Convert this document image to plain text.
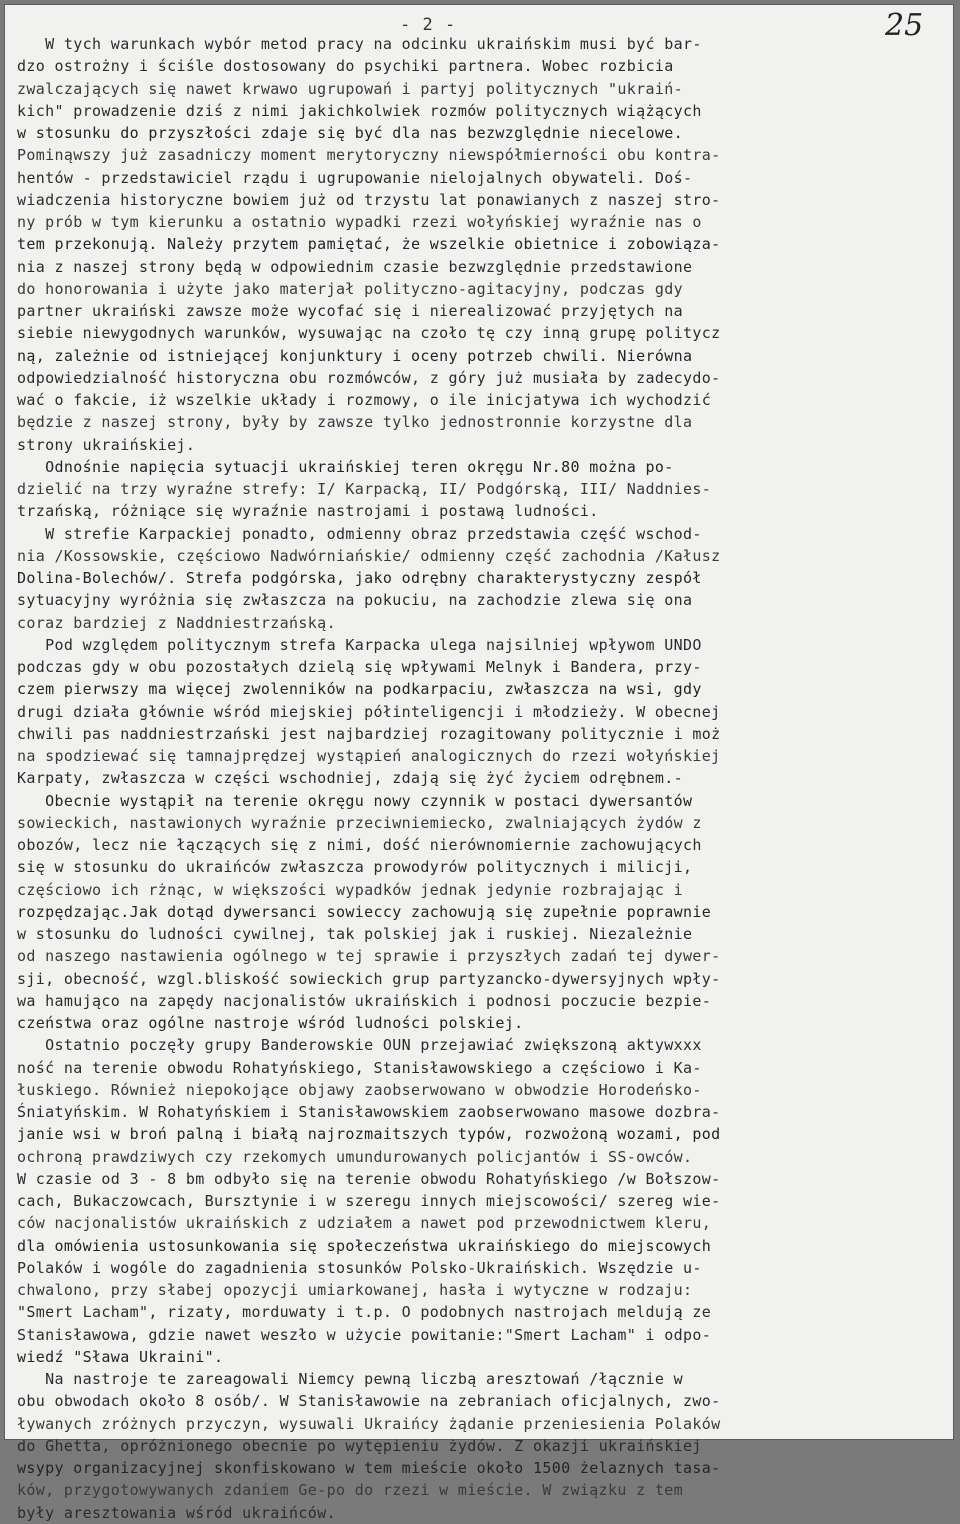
- 2 -	25
W tych warunkach wybór metod pracy na odcinku ukraińskim musi być bar-
dzo ostrożny i ściśle dostosowany do psychiki partnera. Wobec rozbicia
zwalczających się nawet krwawo ugrupowań i partyj politycznych "ukraiń-
kich" prowadzenie dziś z nimi jakichkolwiek rozmów politycznych wiążących
w stosunku do przyszłości zdaje się być dla nas bezwzględnie niecelowe.
Pominąwszy już zasadniczy moment merytoryczny niewspółmierności obu kontra-
hentów - przedstawiciel rządu i ugrupowanie nielojalnych obywateli. Doś-
wiadczenia historyczne bowiem już od trzystu lat ponawianych z naszej stro-
ny prób w tym kierunku a ostatnio wypadki rzezi wołyńskiej wyraźnie nas o
tem przekonują. Należy przytem pamiętać, że wszelkie obietnice i zobowiąza-
nia z naszej strony będą w odpowiednim czasie bezwzględnie przedstawione
do honorowania i użyte jako materjał polityczno-agitacyjny, podczas gdy
partner ukraiński zawsze może wycofać się i nierealizować przyjętych na
siebie niewygodnych warunków, wysuwając na czoło tę czy inną grupę politycz
ną, zależnie od istniejącej konjunktury i oceny potrzeb chwili. Nierówna
odpowiedzialność historyczna obu rozmówców, z góry już musiała by zadecydo-
wać o fakcie, iż wszelkie układy i rozmowy, o ile inicjatywa ich wychodzić
będzie z naszej strony, były by zawsze tylko jednostronnie korzystne dla
strony ukraińskiej.
Odnośnie napięcia sytuacji ukraińskiej teren okręgu Nr.80 można po-
dzielić na trzy wyraźne strefy: I/ Karpacką, II/ Podgórską, III/ Naddnies-
trzańską, różniące się wyraźnie nastrojami i postawą ludności.
W strefie Karpackiej ponadto, odmienny obraz przedstawia część wschod-
nia /Kossowskie, częściowo Nadwórniańskie/ odmienny część zachodnia /Kałusz
Dolina-Bolechów/. Strefa podgórska, jako odrębny charakterystyczny zespół
sytuacyjny wyróżnia się zwłaszcza na pokuciu, na zachodzie zlewa się ona
coraz bardziej z Naddniestrzańską.
Pod względem politycznym strefa Karpacka ulega najsilniej wpływom UNDO
podczas gdy w obu pozostałych dzielą się wpływami Melnyk i Bandera, przy-
czem pierwszy ma więcej zwolenników na podkarpaciu, zwłaszcza na wsi, gdy
drugi działa głównie wśród miejskiej półinteligencji i młodzieży. W obecnej
chwili pas naddniestrzański jest najbardziej rozagitowany politycznie i moż
na spodziewać się tamnajprędzej wystąpień analogicznych do rzezi wołyńskiej
Karpaty, zwłaszcza w części wschodniej, zdają się żyć życiem odrębnem.-
Obecnie wystąpił na terenie okręgu nowy czynnik w postaci dywersantów
sowieckich, nastawionych wyraźnie przeciwniemiecko, zwalniających żydów z
obozów, lecz nie łączących się z nimi, dość nierównomiernie zachowujących
się w stosunku do ukraińców zwłaszcza prowodyrów politycznych i milicji,
częściowo ich rżnąc, w większości wypadków jednak jedynie rozbrajając i
rozpędzając.Jak dotąd dywersanci sowieccy zachowują się zupełnie poprawnie
w stosunku do ludności cywilnej, tak polskiej jak i ruskiej. Niezależnie
od naszego nastawienia ogólnego w tej sprawie i przyszłych zadań tej dywer-
sji, obecność, wzgl.bliskość sowieckich grup partyzancko-dywersyjnych wpły-
wa hamująco na zapędy nacjonalistów ukraińskich i podnosi poczucie bezpie-
czeństwa oraz ogólne nastroje wśród ludności polskiej.
Ostatnio poczęły grupy Banderowskie OUN przejawiać zwiększoną aktywxxx
ność na terenie obwodu Rohatyńskiego, Stanisławowskiego a częściowo i Ka-
łuskiego. Również niepokojące objawy zaobserwowano w obwodzie Horodeńsko-
Śniatyńskim. W Rohatyńskiem i Stanisławowskiem zaobserwowano masowe dozbra-
janie wsi w broń palną i białą najrozmaitszych typów, rozwożoną wozami, pod
ochroną prawdziwych czy rzekomych umundurowanych policjantów i SS-owców.
W czasie od 3 - 8 bm odbyło się na terenie obwodu Rohatyńskiego /w Bołszow-
cach, Bukaczowcach, Bursztynie i w szeregu innych miejscowości/ szereg wie-
ców nacjonalistów ukraińskich z udziałem a nawet pod przewodnictwem kleru,
dla omówienia ustosunkowania się społeczeństwa ukraińskiego do miejscowych
Polaków i wogóle do zagadnienia stosunków Polsko-Ukraińskich. Wszędzie u-
chwalono, przy słabej opozycji umiarkowanej, hasła i wytyczne w rodzaju:
"Smert Lacham", rizaty, morduwaty i t.p. O podobnych nastrojach meldują ze
Stanisławowa, gdzie nawet weszło w użycie powitanie:"Smert Lacham" i odpo-
wiedź "Sława Ukraini".
Na nastroje te zareagowali Niemcy pewną liczbą aresztowań /łącznie w
obu obwodach około 8 osób/. W Stanisławowie na zebraniach oficjalnych, zwo-
ływanych zróżnych przyczyn, wysuwali Ukraińcy żądanie przeniesienia Polaków
do Ghetta, opróżnionego obecnie po wytępieniu żydów. Z okazji ukraińskiej
wsypy organizacyjnej skonfiskowano w tem mieście około 1500 żelaznych tasa-
ków, przygotowywanych zdaniem Ge-po do rzezi w mieście. W związku z tem
były aresztowania wśród ukraińców.
